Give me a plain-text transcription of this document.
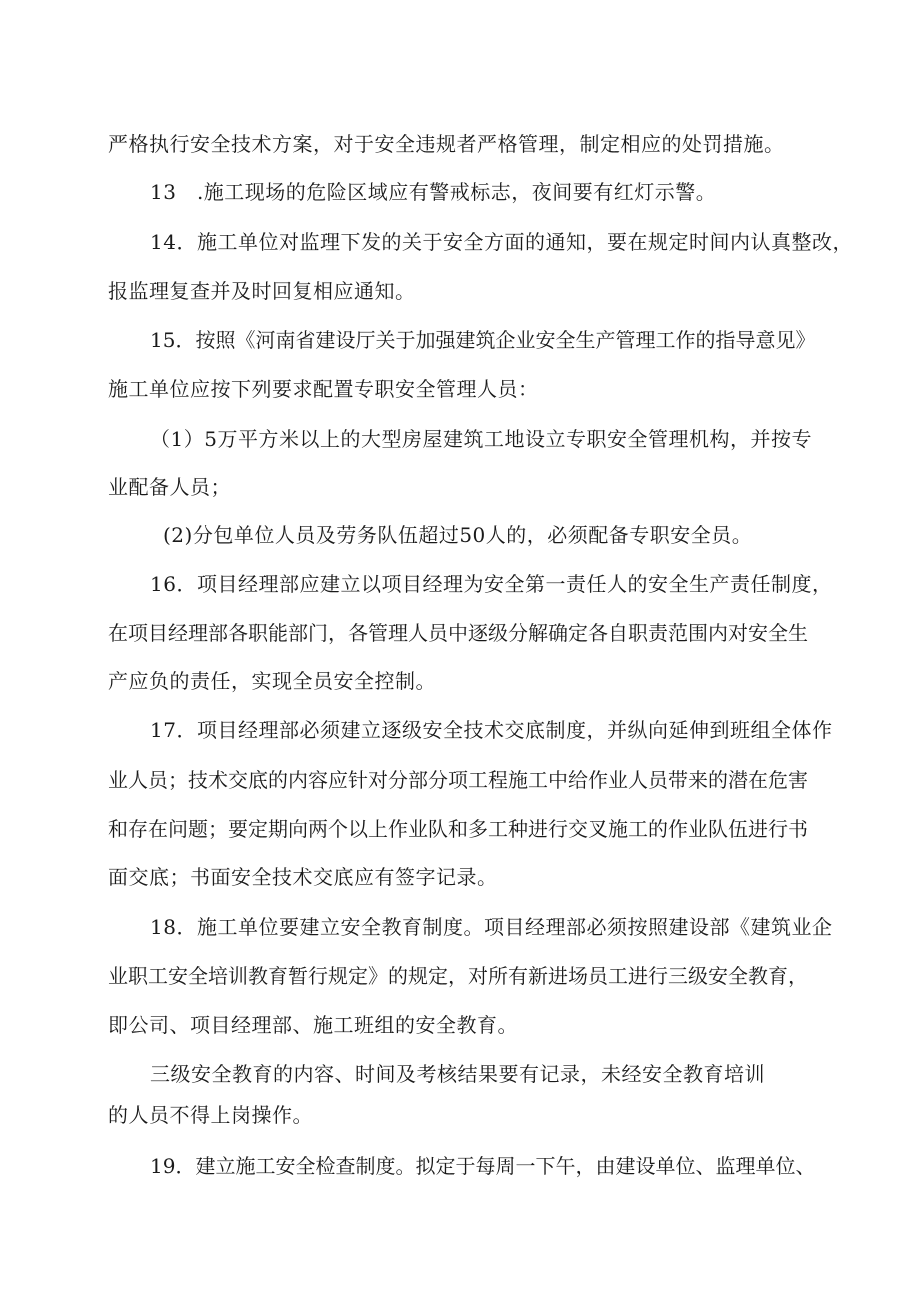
严格执行安全技术方案，对于安全违规者严格管理，制定相应的处罚措施。
13　.施工现场的危险区域应有警戒标志，夜间要有红灯示警。
14．施工单位对监理下发的关于安全方面的通知，要在规定时间内认真整改，
报监理复查并及时回复相应通知。
15．按照《河南省建设厅关于加强建筑企业安全生产管理工作的指导意见》
施工单位应按下列要求配置专职安全管理人员：
（1）5万平方米以上的大型房屋建筑工地设立专职安全管理机构，并按专
业配备人员；
(2)分包单位人员及劳务队伍超过50人的，必须配备专职安全员。
16．项目经理部应建立以项目经理为安全第一责任人的安全生产责任制度，
在项目经理部各职能部门，各管理人员中逐级分解确定各自职责范围内对安全生
产应负的责任，实现全员安全控制。
17．项目经理部必须建立逐级安全技术交底制度，并纵向延伸到班组全体作
业人员；技术交底的内容应针对分部分项工程施工中给作业人员带来的潜在危害
和存在问题；要定期向两个以上作业队和多工种进行交叉施工的作业队伍进行书
面交底；书面安全技术交底应有签字记录。
18．施工单位要建立安全教育制度。项目经理部必须按照建设部《建筑业企
业职工安全培训教育暂行规定》的规定，对所有新进场员工进行三级安全教育，
即公司、项目经理部、施工班组的安全教育。
三级安全教育的内容、时间及考核结果要有记录，未经安全教育培训
的人员不得上岗操作。
19．建立施工安全检查制度。拟定于每周一下午，由建设单位、监理单位、
